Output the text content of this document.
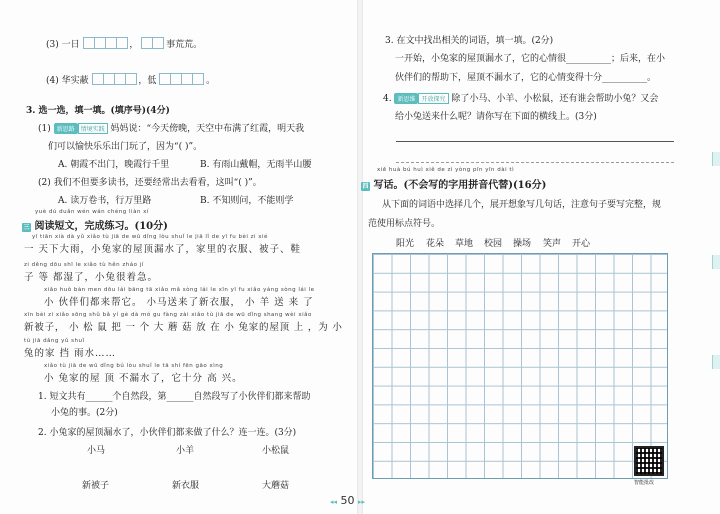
(3) 一日	，	事荒荒。
(4) 华实蔽	，低	。
3. 选一选，填一填。(填序号)(4分)
(1) 新思路 情境实践 妈妈说：“今天傍晚，天空中布满了红霞，明天我
们可以愉快乐乐出门玩了，因为“( )”。
A. 朝霞不出门，晚霞行千里	B. 有雨山戴帽，无雨半山腰
(2) 我们不但要多读书，还要经常出去看看，这叫“( )”。
A. 读万卷书，行万里路	B. 不知则问，不能则学
yuè dú duǎn wén wán chéng liàn xí
三 阅读短文，完成练习。(10分)
yī tiān xià dà yǔ xiǎo tù jiā de wū dǐng lòu shuǐ le jiā lǐ de yī fu bèi zi xié
一 天下大雨，小兔家的屋顶漏水了，家里的衣服、被子、鞋
zi děng dōu shī le xiǎo tù hěn zháo jí
子 等 都湿了，小兔很着急。
xiǎo huǒ bàn men dōu lái bāng tā xiǎo mǎ sòng lái le xīn yī fu xiǎo yáng sòng lái le
小 伙伴们都来帮它。 小马送来了新衣服， 小 羊 送 来 了
xīn bèi zi xiǎo sōng shǔ bǎ yí gè dà mó gu fàng zài xiǎo tù jiā de wū dǐng shang wèi xiǎo
新被子， 小 松 鼠 把 一 个 大 蘑 菇 放 在 小 兔家的屋顶 上 ，为 小
tù jiā dǎng yǔ shuǐ
兔的家 挡 雨水……
xiǎo tù jiā de wū dǐng bú lòu shuǐ le tā shí fēn gāo xìng
小 兔家的屋 顶 不漏水了，它十分 高 兴。
1. 短文共有______个自然段，第______自然段写了小伙伴们都来帮助
小兔的事。(2分)
2. 小兔家的屋顶漏水了，小伙伴们都来做了什么？连一连。(3分)
小马	小羊	小松鼠
新被子	新衣服	大蘑菇
3. 在文中找出相关的词语，填一填。(2分)
一开始，小兔家的屋顶漏水了，它的心情很__________；后来，在小
伙伴们的帮助下，屋顶不漏水了，它的心情变得十分__________。
4. 新思维 开放探究 除了小马、小羊、小松鼠，还有谁会帮助小兔？又会
给小兔送来什么呢？请你写在下面的横线上。(3分)
xiě huà bú huì xiě de zì yòng pīn yīn dài tì
四 写话。(不会写的字用拼音代替)(16分)
从下面的词语中选择几个，展开想象写几句话，注意句子要写完整，规
范使用标点符号。
阳光 花朵 草地 校园 操场 笑声 开心
智能批改
◂◂ 50 ▸▸
